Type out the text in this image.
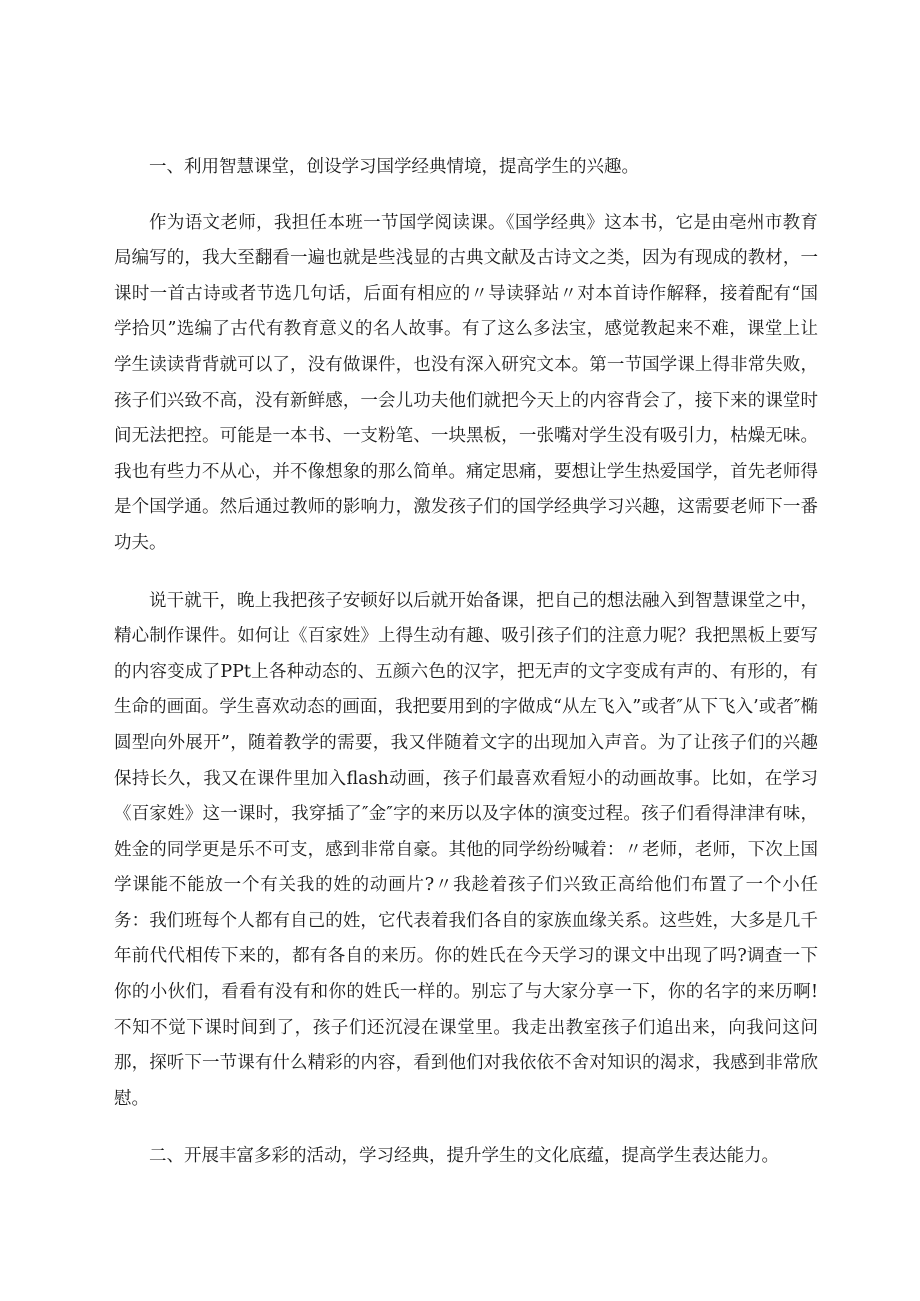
一、利用智慧课堂，创设学习国学经典情境，提高学生的兴趣。

作为语文老师，我担任本班一节国学阅读课。《国学经典》这本书，它是由亳州市教育局编写的，我大至翻看一遍也就是些浅显的古典文献及古诗文之类，因为有现成的教材，一课时一首古诗或者节选几句话，后面有相应的〃导读驿站〃对本首诗作解释，接着配有“国学拾贝”选编了古代有教育意义的名人故事。有了这么多法宝，感觉教起来不难，课堂上让学生读读背背就可以了，没有做课件，也没有深入研究文本。第一节国学课上得非常失败，孩子们兴致不高，没有新鲜感，一会儿功夫他们就把今天上的内容背会了，接下来的课堂时间无法把控。可能是一本书、一支粉笔、一块黑板，一张嘴对学生没有吸引力，枯燥无味。我也有些力不从心，并不像想象的那么简单。痛定思痛，要想让学生热爱国学，首先老师得是个国学通。然后通过教师的影响力，激发孩子们的国学经典学习兴趣，这需要老师下一番功夫。

说干就干，晚上我把孩子安顿好以后就开始备课，把自己的想法融入到智慧课堂之中，精心制作课件。如何让《百家姓》上得生动有趣、吸引孩子们的注意力呢？我把黑板上要写的内容变成了PPt上各种动态的、五颜六色的汉字，把无声的文字变成有声的、有形的，有生命的画面。学生喜欢动态的画面，我把要用到的字做成“从左飞入”或者″从下飞入’或者″椭圆型向外展开”，随着教学的需要，我又伴随着文字的出现加入声音。为了让孩子们的兴趣保持长久，我又在课件里加入flash动画，孩子们最喜欢看短小的动画故事。比如，在学习《百家姓》这一课时，我穿插了″金″字的来历以及字体的演变过程。孩子们看得津津有味，姓金的同学更是乐不可支，感到非常自豪。其他的同学纷纷喊着：〃老师，老师，下次上国学课能不能放一个有关我的姓的动画片?〃我趁着孩子们兴致正高给他们布置了一个小任务：我们班每个人都有自己的姓，它代表着我们各自的家族血缘关系。这些姓，大多是几千年前代代相传下来的，都有各自的来历。你的姓氏在今天学习的课文中出现了吗?调查一下你的小伙们，看看有没有和你的姓氏一样的。别忘了与大家分享一下，你的名字的来历啊!不知不觉下课时间到了，孩子们还沉浸在课堂里。我走出教室孩子们追出来，向我问这问那，探听下一节课有什么精彩的内容，看到他们对我依依不舍对知识的渴求，我感到非常欣慰。

二、开展丰富多彩的活动，学习经典，提升学生的文化底蕴，提高学生表达能力。
